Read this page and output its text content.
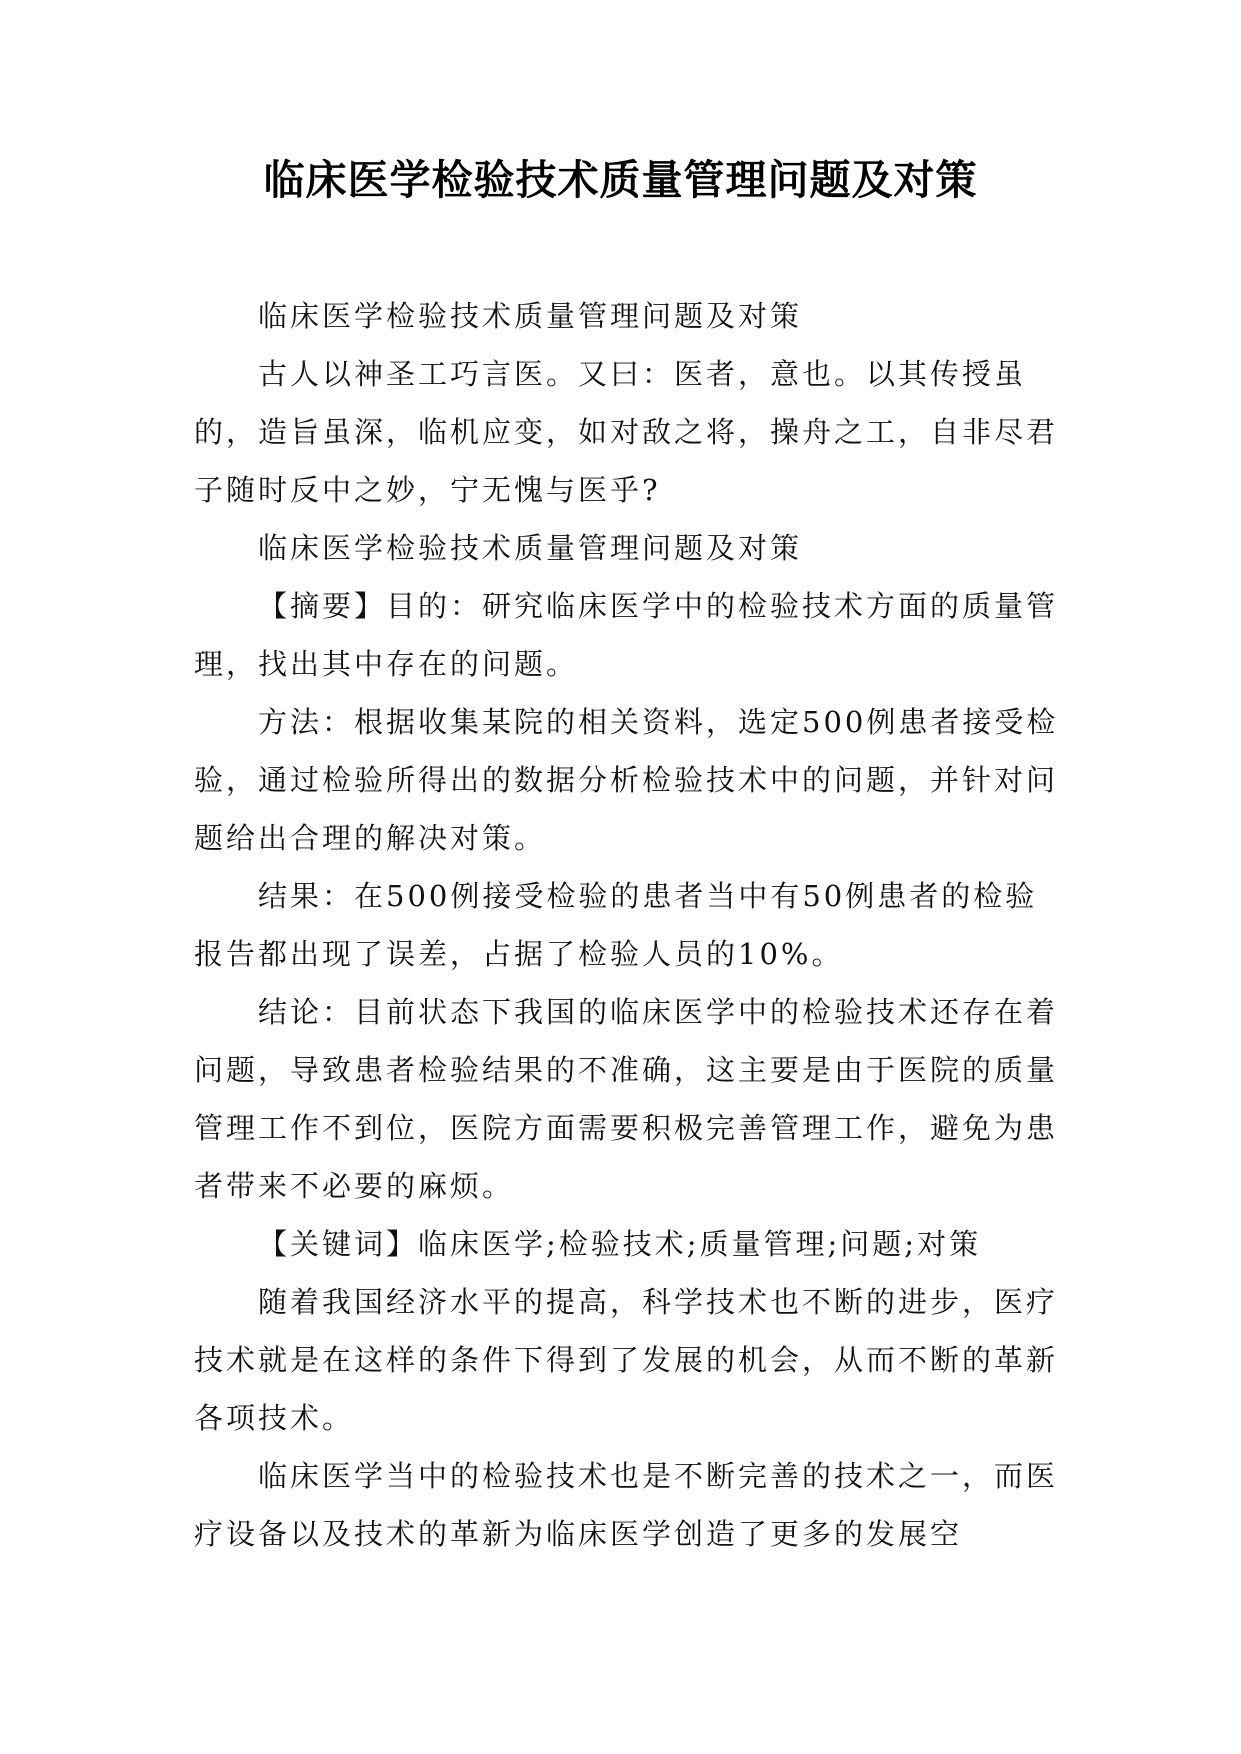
临床医学检验技术质量管理问题及对策

临床医学检验技术质量管理问题及对策

古人以神圣工巧言医。又曰：医者，意也。以其传授虽的，造旨虽深，临机应变，如对敌之将，操舟之工，自非尽君子随时反中之妙，宁无愧与医乎?

临床医学检验技术质量管理问题及对策

【摘要】目的：研究临床医学中的检验技术方面的质量管理，找出其中存在的问题。

方法：根据收集某院的相关资料，选定500例患者接受检验，通过检验所得出的数据分析检验技术中的问题，并针对问题给出合理的解决对策。

结果：在500例接受检验的患者当中有50例患者的检验报告都出现了误差，占据了检验人员的10%。

结论：目前状态下我国的临床医学中的检验技术还存在着问题，导致患者检验结果的不准确，这主要是由于医院的质量管理工作不到位，医院方面需要积极完善管理工作，避免为患者带来不必要的麻烦。

【关键词】临床医学;检验技术;质量管理;问题;对策

随着我国经济水平的提高，科学技术也不断的进步，医疗技术就是在这样的条件下得到了发展的机会，从而不断的革新各项技术。

临床医学当中的检验技术也是不断完善的技术之一，而医疗设备以及技术的革新为临床医学创造了更多的发展空
